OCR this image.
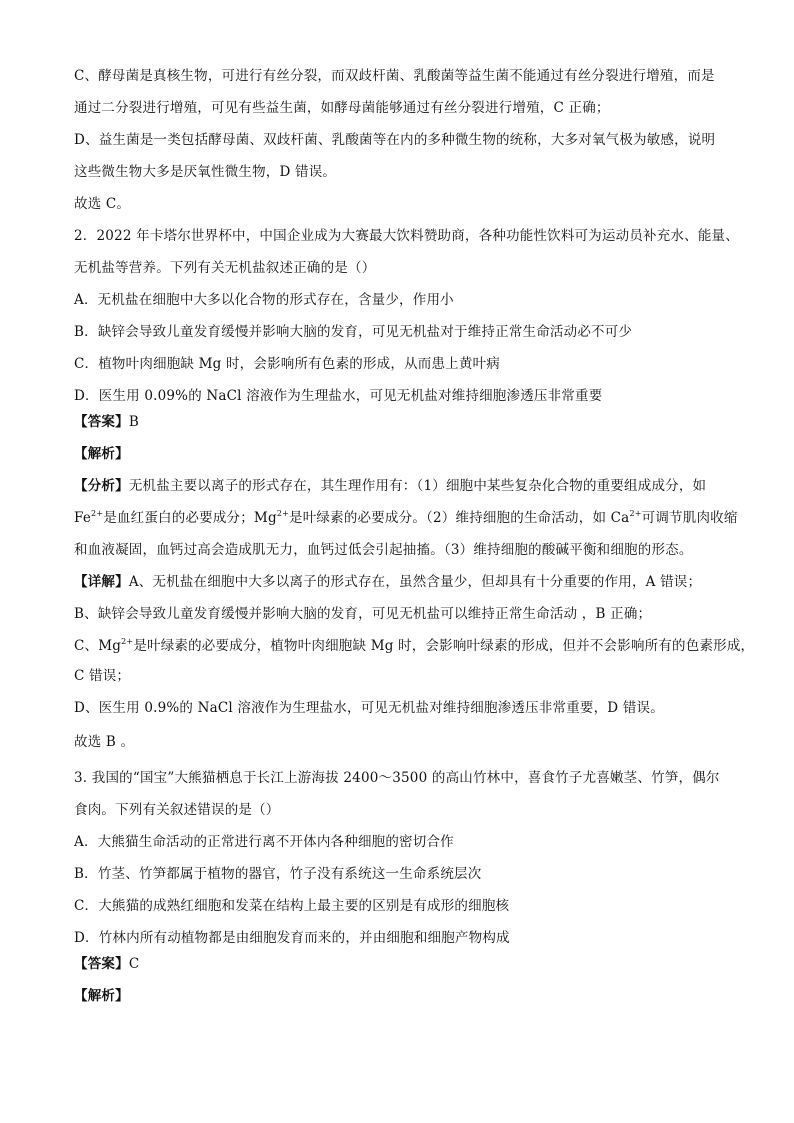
C、酵母菌是真核生物，可进行有丝分裂，而双歧杆菌、乳酸菌等益生菌不能通过有丝分裂进行增殖，而是
通过二分裂进行增殖，可见有些益生菌，如酵母菌能够通过有丝分裂进行增殖，C 正确；
D、益生菌是一类包括酵母菌、双歧杆菌、乳酸菌等在内的多种微生物的统称，大多对氧气极为敏感，说明
这些微生物大多是厌氧性微生物，D 错误。
故选 C。
2．2022 年卡塔尔世界杯中，中国企业成为大赛最大饮料赞助商，各种功能性饮料可为运动员补充水、能量、
无机盐等营养。下列有关无机盐叙述正确的是（）
A．无机盐在细胞中大多以化合物的形式存在，含量少，作用小
B．缺锌会导致儿童发育缓慢并影响大脑的发育，可见无机盐对于维持正常生命活动必不可少
C．植物叶肉细胞缺 Mg 时，会影响所有色素的形成，从而患上黄叶病
D．医生用 0.09%的 NaCl 溶液作为生理盐水，可见无机盐对维持细胞渗透压非常重要
【答案】B
【解析】
【分析】无机盐主要以离子的形式存在，其生理作用有：（1）细胞中某些复杂化合物的重要组成成分，如
$Fe^{2+}$是血红蛋白的必要成分；$Mg^{2+}$是叶绿素的必要成分。（2）维持细胞的生命活动，如 $Ca^{2+}$可调节肌肉收缩
和血液凝固，血钙过高会造成肌无力，血钙过低会引起抽搐。（3）维持细胞的酸碱平衡和细胞的形态。
【详解】A、无机盐在细胞中大多以离子的形式存在，虽然含量少，但却具有十分重要的作用，A 错误；
B、缺锌会导致儿童发育缓慢并影响大脑的发育，可见无机盐可以维持正常生命活动 ，B 正确；
C、$Mg^{2+}$是叶绿素的必要成分，植物叶肉细胞缺 Mg 时，会影响叶绿素的形成，但并不会影响所有的色素形成，
C 错误；
D、医生用 0.9%的 NaCl 溶液作为生理盐水，可见无机盐对维持细胞渗透压非常重要，D 错误。
故选 B 。
3. 我国的“国宝”大熊猫栖息于长江上游海拔 2400～3500 的高山竹林中，喜食竹子尤喜嫩茎、竹笋，偶尔
食肉。下列有关叙述错误的是（）
A．大熊猫生命活动的正常进行离不开体内各种细胞的密切合作
B．竹茎、竹笋都属于植物的器官，竹子没有系统这一生命系统层次
C．大熊猫的成熟红细胞和发菜在结构上最主要的区别是有成形的细胞核
D．竹林内所有动植物都是由细胞发育而来的，并由细胞和细胞产物构成
【答案】C
【解析】
